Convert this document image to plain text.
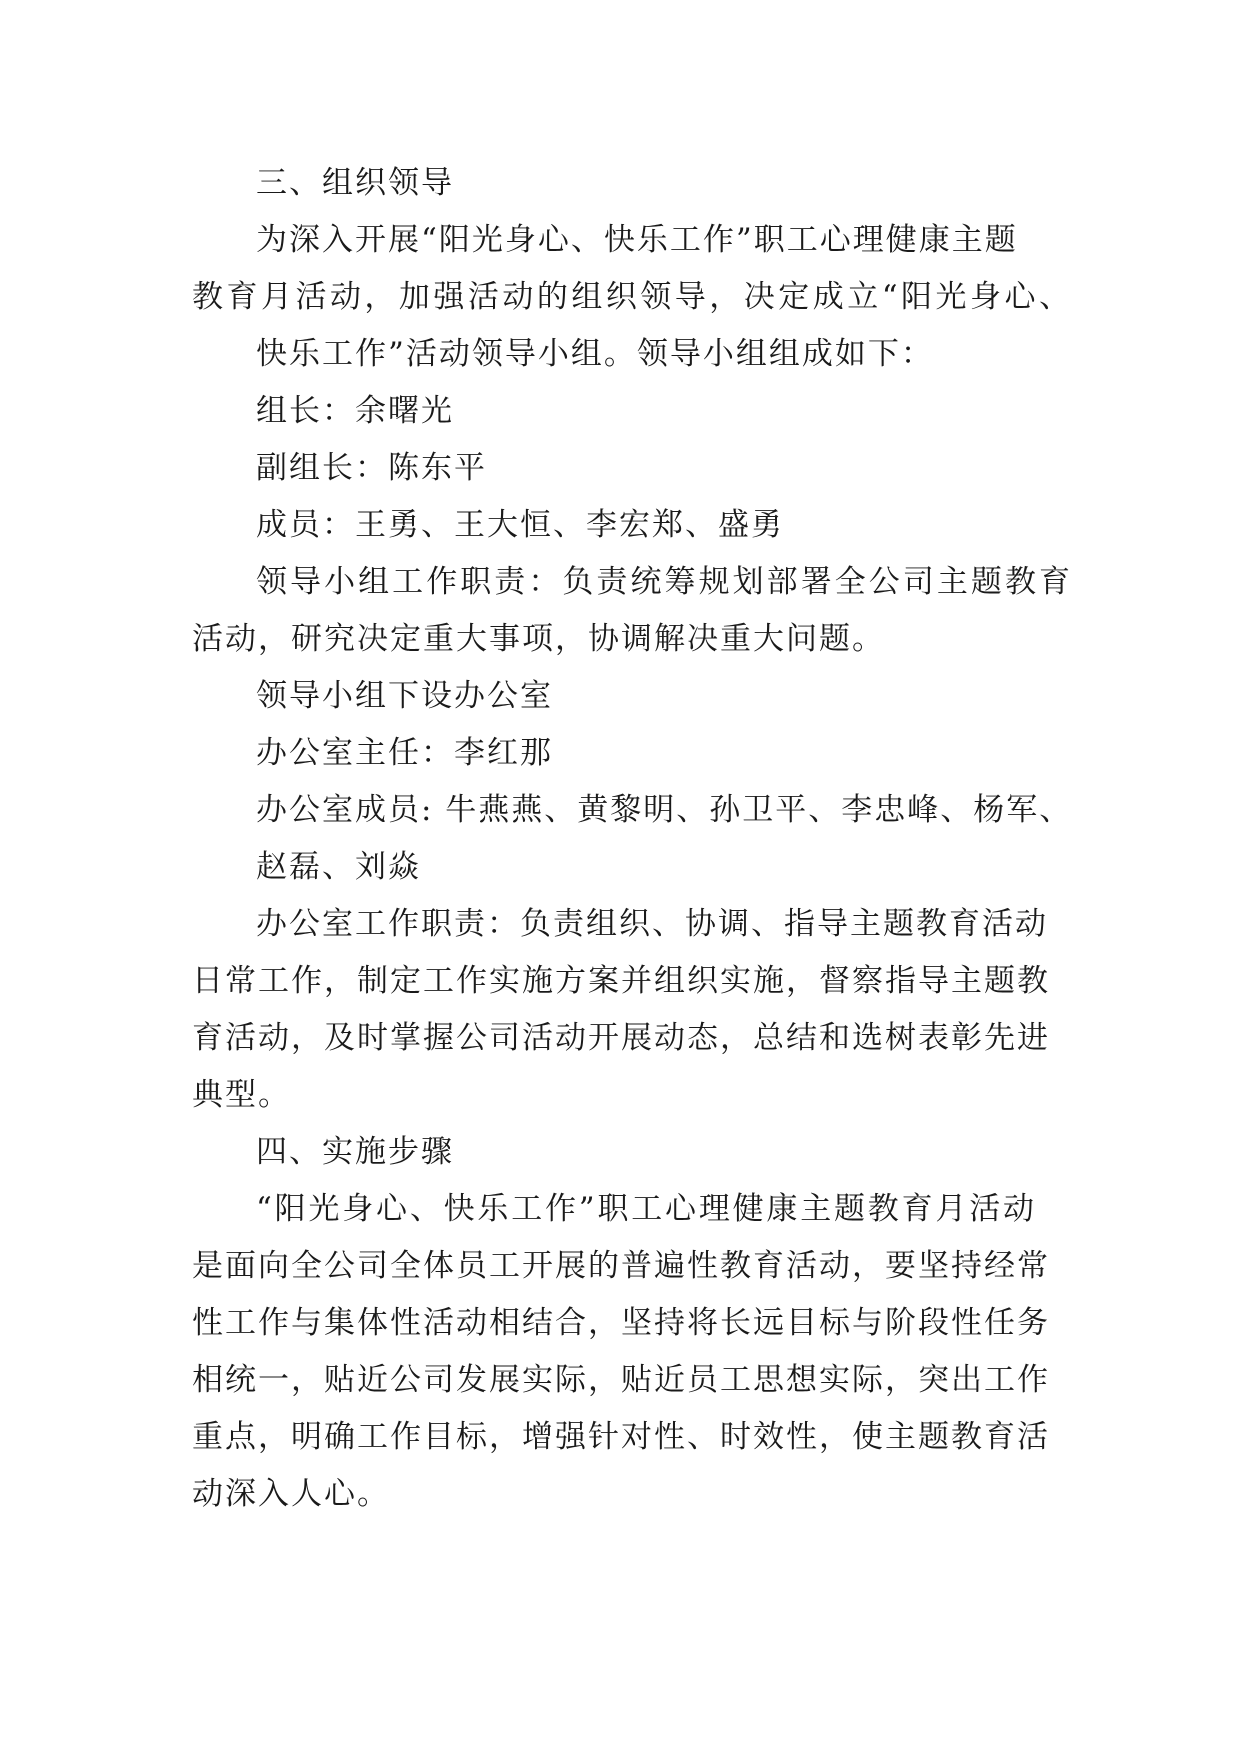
三、组织领导
为深入开展“阳光身心、快乐工作”职工心理健康主题
教育月活动，加强活动的组织领导，决定成立“阳光身心、
快乐工作”活动领导小组。领导小组组成如下：
组长：余曙光
副组长：陈东平
成员：王勇、王大恒、李宏郑、盛勇
领导小组工作职责：负责统筹规划部署全公司主题教育
活动，研究决定重大事项，协调解决重大问题。
领导小组下设办公室
办公室主任：李红那
办公室成员: 牛燕燕、黄黎明、孙卫平、李忠峰、杨军、
赵磊、刘焱
办公室工作职责：负责组织、协调、指导主题教育活动
日常工作，制定工作实施方案并组织实施，督察指导主题教
育活动，及时掌握公司活动开展动态，总结和选树表彰先进
典型。
四、实施步骤
“阳光身心、快乐工作”职工心理健康主题教育月活动
是面向全公司全体员工开展的普遍性教育活动，要坚持经常
性工作与集体性活动相结合，坚持将长远目标与阶段性任务
相统一，贴近公司发展实际，贴近员工思想实际，突出工作
重点，明确工作目标，增强针对性、时效性，使主题教育活
动深入人心。
